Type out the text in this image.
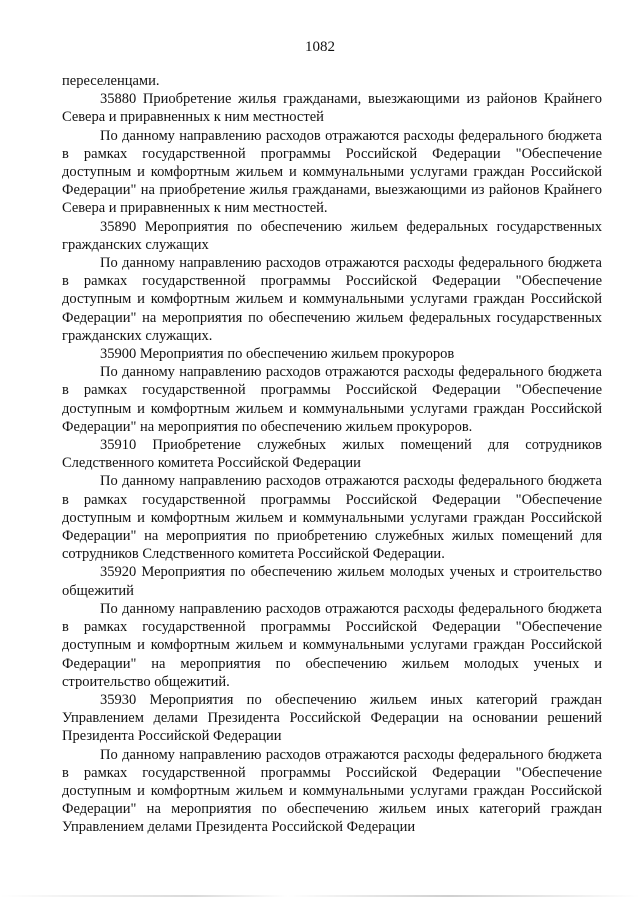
1082

переселенцами.

35880 Приобретение жилья гражданами, выезжающими из районов Крайнего Севера и приравненных к ним местностей

По данному направлению расходов отражаются расходы федерального бюджета в рамках государственной программы Российской Федерации "Обеспечение доступным и комфортным жильем и коммунальными услугами граждан Российской Федерации" на приобретение жилья гражданами, выезжающими из районов Крайнего Севера и приравненных к ним местностей.

35890 Мероприятия по обеспечению жильем федеральных государственных гражданских служащих

По данному направлению расходов отражаются расходы федерального бюджета в рамках государственной программы Российской Федерации "Обеспечение доступным и комфортным жильем и коммунальными услугами граждан Российской Федерации" на мероприятия по обеспечению жильем федеральных государственных гражданских служащих.

35900 Мероприятия по обеспечению жильем прокуроров

По данному направлению расходов отражаются расходы федерального бюджета в рамках государственной программы Российской Федерации "Обеспечение доступным и комфортным жильем и коммунальными услугами граждан Российской Федерации" на мероприятия по обеспечению жильем прокуроров.

35910 Приобретение служебных жилых помещений для сотрудников Следственного комитета Российской Федерации

По данному направлению расходов отражаются расходы федерального бюджета в рамках государственной программы Российской Федерации "Обеспечение доступным и комфортным жильем и коммунальными услугами граждан Российской Федерации" на мероприятия по приобретению служебных жилых помещений для сотрудников Следственного комитета Российской Федерации.

35920 Мероприятия по обеспечению жильем молодых ученых и строительство общежитий

По данному направлению расходов отражаются расходы федерального бюджета в рамках государственной программы Российской Федерации "Обеспечение доступным и комфортным жильем и коммунальными услугами граждан Российской Федерации" на мероприятия по обеспечению жильем молодых ученых и строительство общежитий.

35930 Мероприятия по обеспечению жильем иных категорий граждан Управлением делами Президента Российской Федерации на основании решений Президента Российской Федерации

По данному направлению расходов отражаются расходы федерального бюджета в рамках государственной программы Российской Федерации "Обеспечение доступным и комфортным жильем и коммунальными услугами граждан Российской Федерации" на мероприятия по обеспечению жильем иных категорий граждан Управлением делами Президента Российской Федерации
